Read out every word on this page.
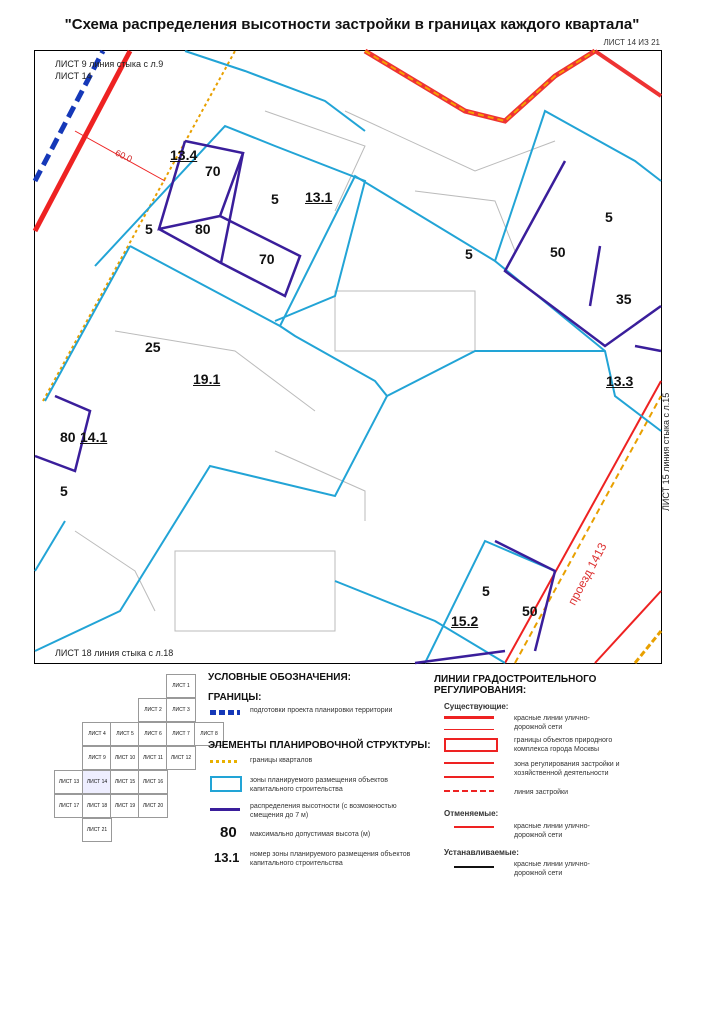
"Схема распределения высотности застройки в границах каждого квартала"
ЛИСТ 14 ИЗ 21
70
5
80
70
5
5
5
50
35
25
80
5
5
50
13.4
13.1
19.1	13.3
14.1
15.2
ЛИСТ 9 линия стыка с л.9
ЛИСТ 14
ЛИСТ 18 линия стыка с л.18
ЛИСТ 15 линия стыка с л.15
60.0
проезд 1413
ЛИСТ 1
ЛИСТ 2	ЛИСТ 3
ЛИСТ 4	ЛИСТ 5	ЛИСТ 6	ЛИСТ 7	ЛИСТ 8
ЛИСТ 9	ЛИСТ 10	ЛИСТ 11	ЛИСТ 12
ЛИСТ 13	ЛИСТ 14	ЛИСТ 15	ЛИСТ 16
ЛИСТ 17	ЛИСТ 18	ЛИСТ 19	ЛИСТ 20
ЛИСТ 21
УСЛОВНЫЕ ОБОЗНАЧЕНИЯ:
ГРАНИЦЫ:
подготовки проекта планировки территории
ЭЛЕМЕНТЫ ПЛАНИРОВОЧНОЙ СТРУКТУРЫ:
границы кварталов
зоны планируемого размещения объектов капитального строительства
распределения высотности (с возможностью смещения до 7 м)
80 максимально допустимая высота (м)
13.1 номер зоны планируемого размещения объектов капитального строительства
ЛИНИИ ГРАДОСТРОИТЕЛЬНОГО РЕГУЛИРОВАНИЯ:
Существующие:
красные линии улично-дорожной сети
границы объектов природного комплекса города Москвы
зона регулирования застройки и хозяйственной деятельности
линия застройки
Отменяемые:
красные линии улично-дорожной сети
Устанавливаемые:
красные линии улично-дорожной сети
